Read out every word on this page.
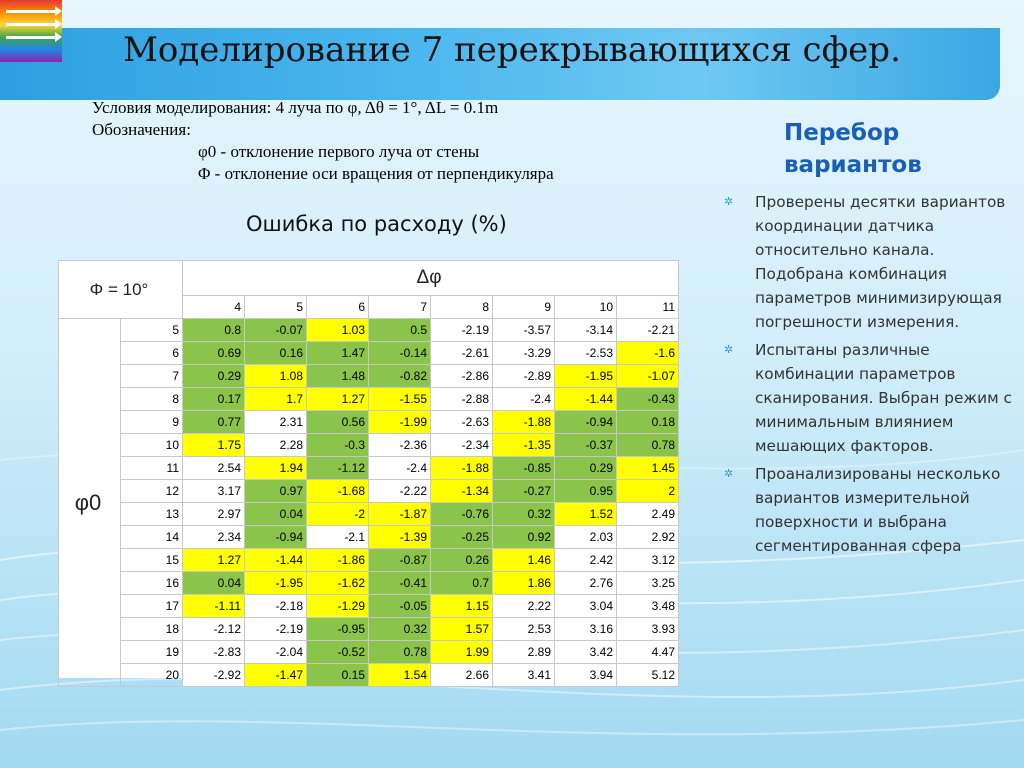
Моделирование 7 перекрывающихся сфер.
Условия моделирования: 4 луча по φ, Δθ = 1°, ΔL = 0.1m
Обозначения:
φ0 - отклонение первого луча от стены
Φ - отклонение оси вращения от перпендикуляра
Ошибка по расходу (%)
Перебор
вариантов
✲ Проверены десятки вариантов координации датчика относительно канала. Подобрана комбинация параметров минимизирующая погрешности измерения.
✲ Испытаны различные комбинации параметров сканирования. Выбран режим с минимальным влиянием мешающих факторов.
✲ Проанализированы несколько вариантов измерительной поверхности и выбрана сегментированная сфера
Φ = 10°		Δφ							
		4	5	6	7	8	9	10	11
φ0	5	0.8	-0.07	1.03	0.5	-2.19	-3.57	-3.14	-2.21
	6	0.69	0.16	1.47	-0.14	-2.61	-3.29	-2.53	-1.6
	7	0.29	1.08	1.48	-0.82	-2.86	-2.89	-1.95	-1.07
	8	0.17	1.7	1.27	-1.55	-2.88	-2.4	-1.44	-0.43
	9	0.77	2.31	0.56	-1.99	-2.63	-1.88	-0.94	0.18
	10	1.75	2.28	-0.3	-2.36	-2.34	-1.35	-0.37	0.78
	11	2.54	1.94	-1.12	-2.4	-1.88	-0.85	0.29	1.45
	12	3.17	0.97	-1.68	-2.22	-1.34	-0.27	0.95	2
	13	2.97	0.04	-2	-1.87	-0.76	0.32	1.52	2.49
	14	2.34	-0.94	-2.1	-1.39	-0.25	0.92	2.03	2.92
	15	1.27	-1.44	-1.86	-0.87	0.26	1.46	2.42	3.12
	16	0.04	-1.95	-1.62	-0.41	0.7	1.86	2.76	3.25
	17	-1.11	-2.18	-1.29	-0.05	1.15	2.22	3.04	3.48
	18	-2.12	-2.19	-0.95	0.32	1.57	2.53	3.16	3.93
	19	-2.83	-2.04	-0.52	0.78	1.99	2.89	3.42	4.47
	20	-2.92	-1.47	0.15	1.54	2.66	3.41	3.94	5.12
